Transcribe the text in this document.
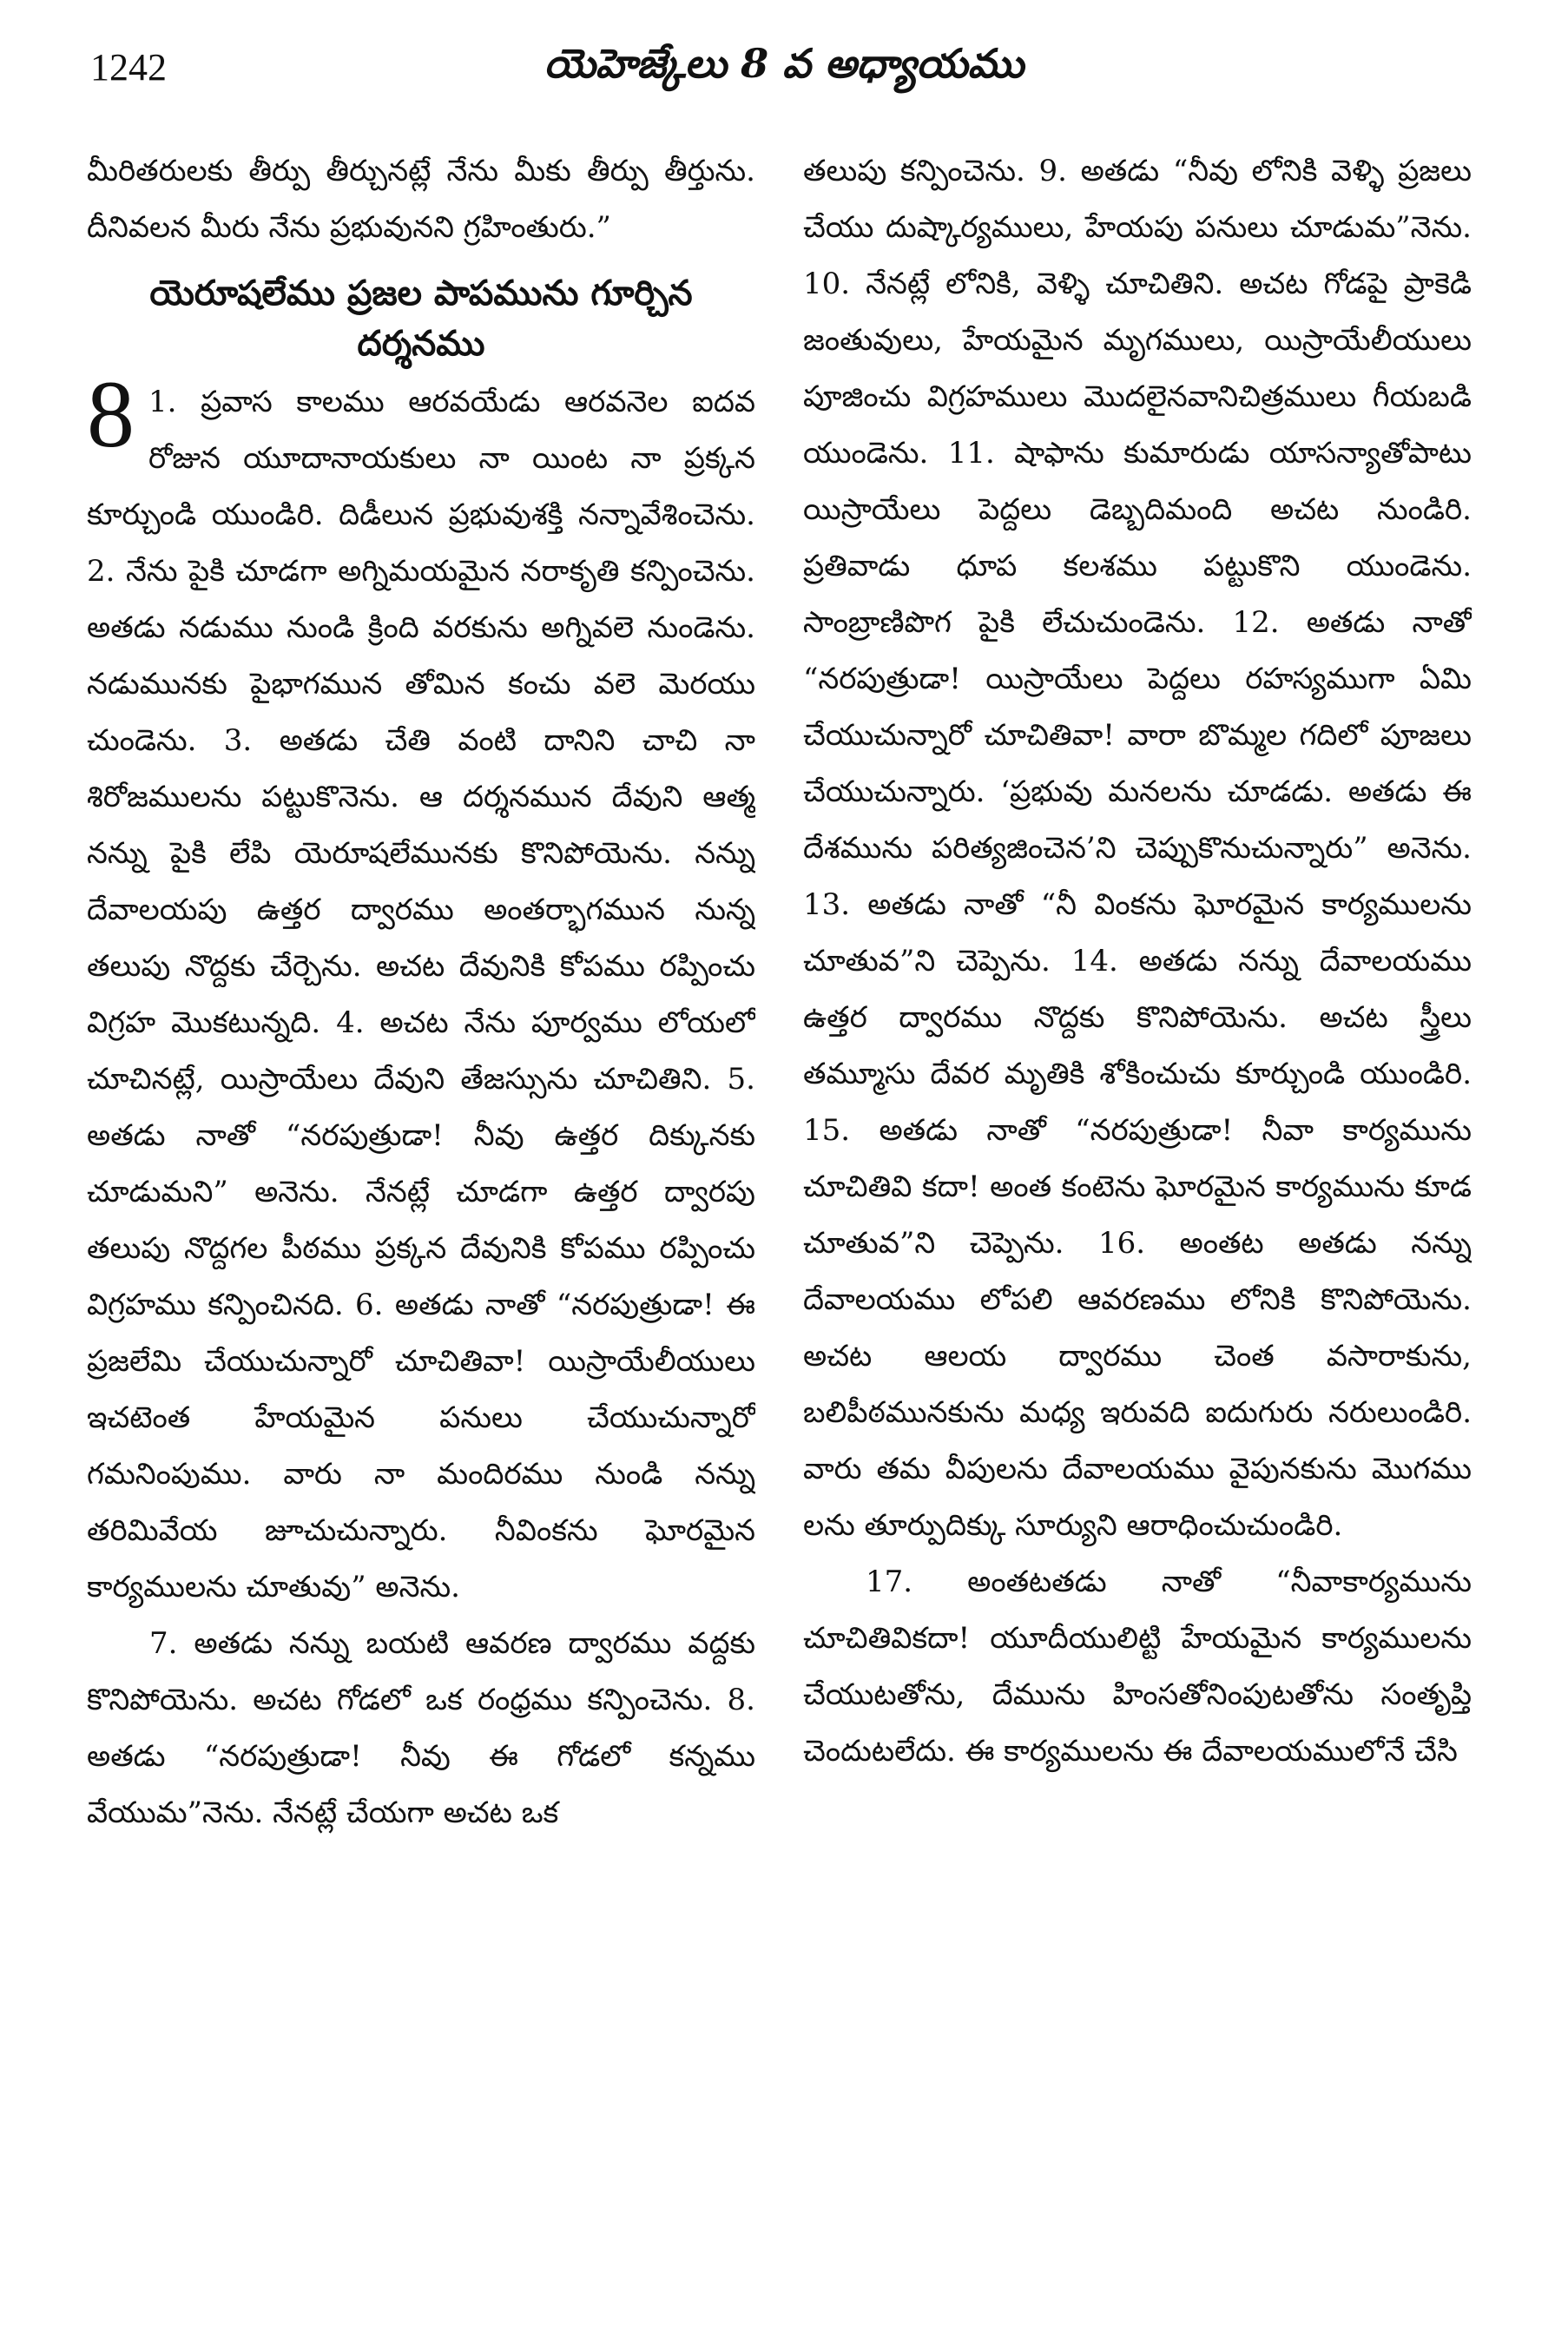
1242	యెహెజ్కేలు 8 వ అధ్యాయము

మీరితరులకు తీర్పు తీర్చునట్లే నేను మీకు తీర్పు తీర్తును. దీనివలన మీరు నేను ప్రభువునని గ్రహింతురు.”

యెరూషలేము ప్రజల పాపమును గూర్చిన దర్శనము

8 1. ప్రవాస కాలము ఆరవయేడు ఆరవనెల ఐదవ రోజున యూదానాయకులు నా యింట నా ప్రక్కన కూర్చుండి యుండిరి. దిడీలున ప్రభువుశక్తి నన్నావేశించెను. 2. నేను పైకి చూడగా అగ్నిమయమైన నరాకృతి కన్పించెను. అతడు నడుము నుండి క్రింది వరకును అగ్నివలె నుండెను. నడుమునకు పైభాగమున తోమిన కంచు వలె మెరయు చుండెను. 3. అతడు చేతి వంటి దానిని చాచి నా శిరోజములను పట్టుకొనెను. ఆ దర్శనమున దేవుని ఆత్మ నన్ను పైకి లేపి యెరూషలేమునకు కొనిపోయెను. నన్ను దేవాలయపు ఉత్తర ద్వారము అంతర్భాగమున నున్న తలుపు నొద్దకు చేర్చెను. అచట దేవునికి కోపము రప్పించు విగ్రహ మొకటున్నది. 4. అచట నేను పూర్వము లోయలో చూచినట్లే, యిస్రాయేలు దేవుని తేజస్సును చూచితిని. 5. అతడు నాతో “నరపుత్రుడా! నీవు ఉత్తర దిక్కునకు చూడుమని” అనెను. నేనట్లే చూడగా ఉత్తర ద్వారపు తలుపు నొద్దగల పీఠము ప్రక్కన దేవునికి కోపము రప్పించు విగ్రహము కన్పించినది. 6. అతడు నాతో “నరపుత్రుడా! ఈ ప్రజలేమి చేయుచున్నారో చూచితివా! యిస్రాయేలీయులు ఇచటెంత హేయమైన పనులు చేయుచున్నారో గమనింపుము. వారు నా మందిరము నుండి నన్ను తరిమివేయ జూచుచున్నారు. నీవింకను ఘోరమైన కార్యములను చూతువు” అనెను.

7. అతడు నన్ను బయటి ఆవరణ ద్వారము వద్దకు కొనిపోయెను. అచట గోడలో ఒక రంధ్రము కన్పించెను. 8. అతడు “నరపుత్రుడా! నీవు ఈ గోడలో కన్నము వేయుమ”నెను. నేనట్లే చేయగా అచట ఒక

తలుపు కన్పించెను. 9. అతడు “నీవు లోనికి వెళ్ళి ప్రజలు చేయు దుష్కార్యములు, హేయపు పనులు చూడుమ”నెను. 10. నేనట్లే లోనికి, వెళ్ళి చూచితిని. అచట గోడపై ప్రాకెడి జంతువులు, హేయమైన మృగములు, యిస్రాయేలీయులు పూజించు విగ్రహములు మొదలైనవానిచిత్రములు గీయబడి యుండెను. 11. షాఫాను కుమారుడు యాసన్యాతోపాటు యిస్రాయేలు పెద్దలు డెబ్బదిమంది అచట నుండిరి. ప్రతివాడు ధూప కలశము పట్టుకొని యుండెను. సాంబ్రాణిపొగ పైకి లేచుచుండెను. 12. అతడు నాతో “నరపుత్రుడా! యిస్రాయేలు పెద్దలు రహస్యముగా ఏమి చేయుచున్నారో చూచితివా! వారా బొమ్మల గదిలో పూజలు చేయుచున్నారు. ‘ప్రభువు మనలను చూడడు. అతడు ఈ దేశమును పరిత్యజించెన’ని చెప్పుకొనుచున్నారు” అనెను. 13. అతడు నాతో “నీ వింకను ఘోరమైన కార్యములను చూతువ”ని చెప్పెను. 14. అతడు నన్ను దేవాలయము ఉత్తర ద్వారము నొద్దకు కొనిపోయెను. అచట స్త్రీలు తమ్మూసు దేవర మృతికి శోకించుచు కూర్చుండి యుండిరి. 15. అతడు నాతో “నరపుత్రుడా! నీవా కార్యమును చూచితివి కదా! అంత కంటెను ఘోరమైన కార్యమును కూడ చూతువ”ని చెప్పెను. 16. అంతట అతడు నన్ను దేవాలయము లోపలి ఆవరణము లోనికి కొనిపోయెను. అచట ఆలయ ద్వారము చెంత వసారాకును, బలిపీఠమునకును మధ్య ఇరువది ఐదుగురు నరులుండిరి. వారు తమ వీపులను దేవాలయము వైపునకును మొగము లను తూర్పుదిక్కు సూర్యుని ఆరాధించుచుండిరి.

17. అంతటతడు నాతో “నీవాకార్యమును చూచితివికదా! యూదీయులిట్టి హేయమైన కార్యములను చేయుటతోను, దేమును హింసతోనింపుటతోను సంతృప్తి చెందుటలేదు. ఈ కార్యములను ఈ దేవాలయములోనే చేసి
